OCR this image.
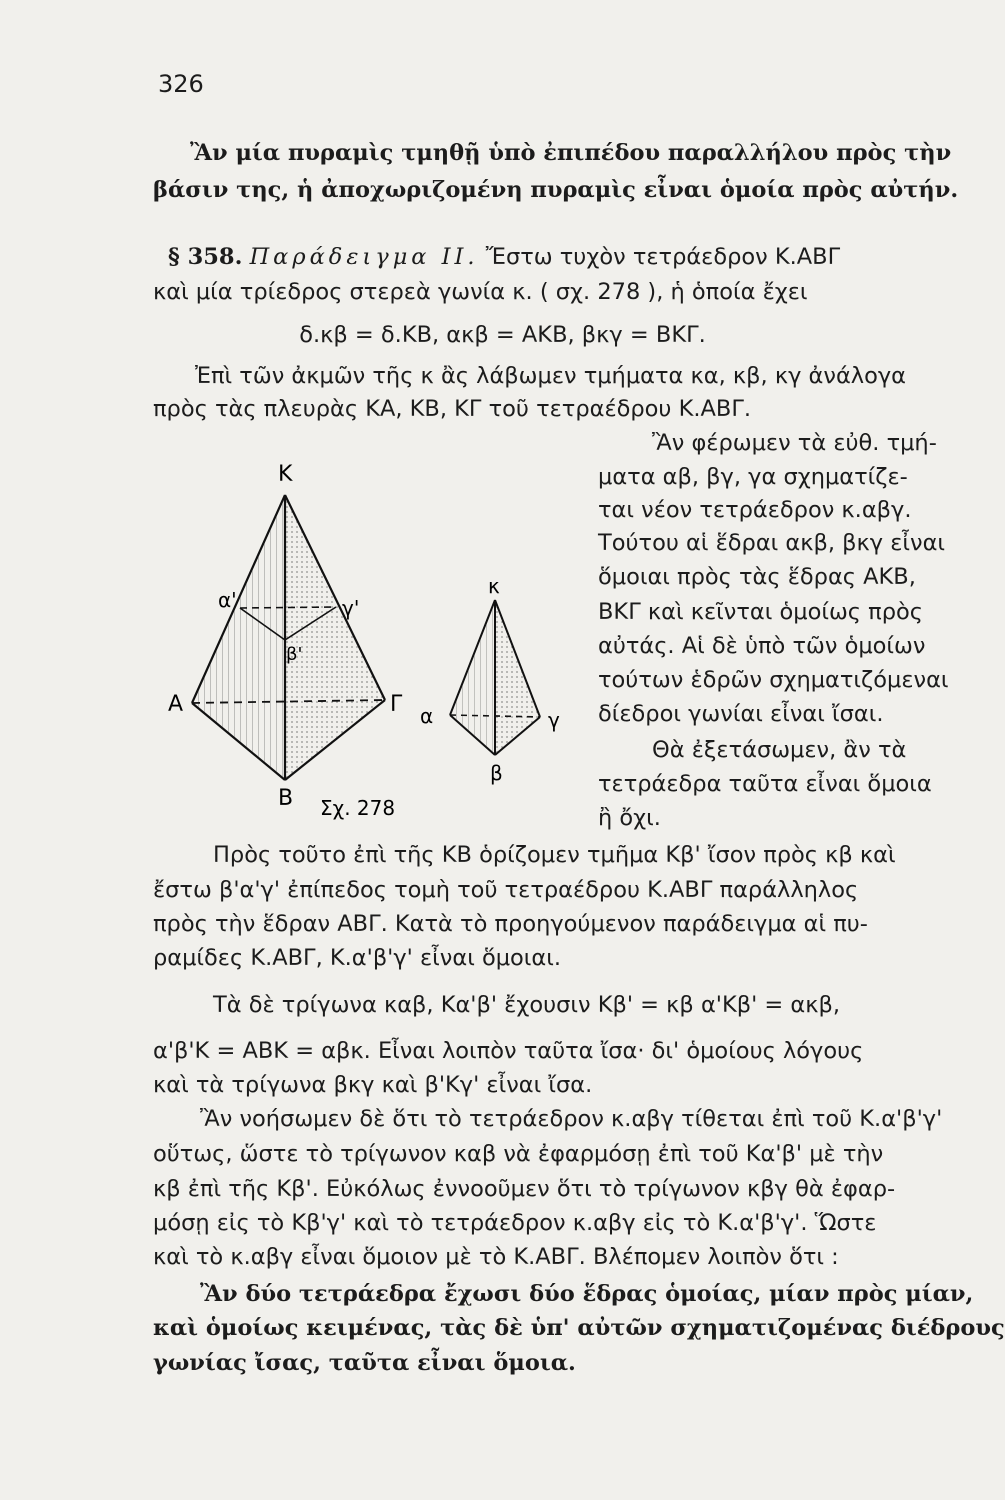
326
Ἂν μία πυραμὶς τμηθῇ ὑπὸ ἐπιπέδου παραλλήλου πρὸς τὴν
βάσιν της, ἡ ἀποχωριζομένη πυραμὶς εἶναι ὁμοία πρὸς αὐτήν.
§ 358. Παράδειγμα ΙΙ. Ἔστω τυχὸν τετράεδρον Κ.ΑΒΓ
καὶ μία τρίεδρος στερεὰ γωνία κ. ( σχ. 278 ), ἡ ὁποία ἔχει
δ.κβ = δ.ΚΒ, ακβ = ΑΚΒ, βκγ = ΒΚΓ.
Ἐπὶ τῶν ἀκμῶν τῆς κ ἂς λάβωμεν τμήματα κα, κβ, κγ ἀνάλογα
πρὸς τὰς πλευρὰς ΚΑ, ΚΒ, ΚΓ τοῦ τετραέδρου Κ.ΑΒΓ.
Ἂν φέρωμεν τὰ εὐθ. τμή-
ματα αβ, βγ, γα σχηματίζε-
ται νέον τετράεδρον κ.αβγ.
Τούτου αἱ ἕδραι ακβ, βκγ εἶναι
ὅμοιαι πρὸς τὰς ἕδρας ΑΚΒ,
ΒΚΓ καὶ κεῖνται ὁμοίως πρὸς
αὐτάς. Αἱ δὲ ὑπὸ τῶν ὁμοίων
τούτων ἑδρῶν σχηματιζόμεναι
δίεδροι γωνίαι εἶναι ἴσαι.
Θὰ ἐξετάσωμεν, ἂν τὰ
τετράεδρα ταῦτα εἶναι ὅμοια
ἢ ὄχι.
Κ
Α
Β
Γ
α'
β'
γ'
κ
α
β
γ
Σχ. 278
Πρὸς τοῦτο ἐπὶ τῆς ΚΒ ὁρίζομεν τμῆμα Κβ' ἴσον πρὸς κβ καὶ
ἔστω β'α'γ' ἐπίπεδος τομὴ τοῦ τετραέδρου Κ.ΑΒΓ παράλληλος
πρὸς τὴν ἕδραν ΑΒΓ. Κατὰ τὸ προηγούμενον παράδειγμα αἱ πυ-
ραμίδες Κ.ΑΒΓ, Κ.α'β'γ' εἶναι ὅμοιαι.
Τὰ δὲ τρίγωνα καβ, Κα'β' ἔχουσιν Κβ' = κβ α'Κβ' = ακβ,
α'β'Κ = ΑΒΚ = αβκ. Εἶναι λοιπὸν ταῦτα ἴσα· δι' ὁμοίους λόγους
καὶ τὰ τρίγωνα βκγ καὶ β'Κγ' εἶναι ἴσα.
Ἂν νοήσωμεν δὲ ὅτι τὸ τετράεδρον κ.αβγ τίθεται ἐπὶ τοῦ Κ.α'β'γ'
οὕτως, ὥστε τὸ τρίγωνον καβ νὰ ἐφαρμόσῃ ἐπὶ τοῦ Κα'β' μὲ τὴν
κβ ἐπὶ τῆς Κβ'. Εὐκόλως ἐννοοῦμεν ὅτι τὸ τρίγωνον κβγ θὰ ἐφαρ-
μόσῃ εἰς τὸ Κβ'γ' καὶ τὸ τετράεδρον κ.αβγ εἰς τὸ Κ.α'β'γ'. Ὥστε
καὶ τὸ κ.αβγ εἶναι ὅμοιον μὲ τὸ Κ.ΑΒΓ. Βλέπομεν λοιπὸν ὅτι :
Ἂν δύο τετράεδρα ἔχωσι δύο ἕδρας ὁμοίας, μίαν πρὸς μίαν,
καὶ ὁμοίως κειμένας, τὰς δὲ ὑπ' αὐτῶν σχηματιζομένας διέδρους
γωνίας ἴσας, ταῦτα εἶναι ὅμοια.
